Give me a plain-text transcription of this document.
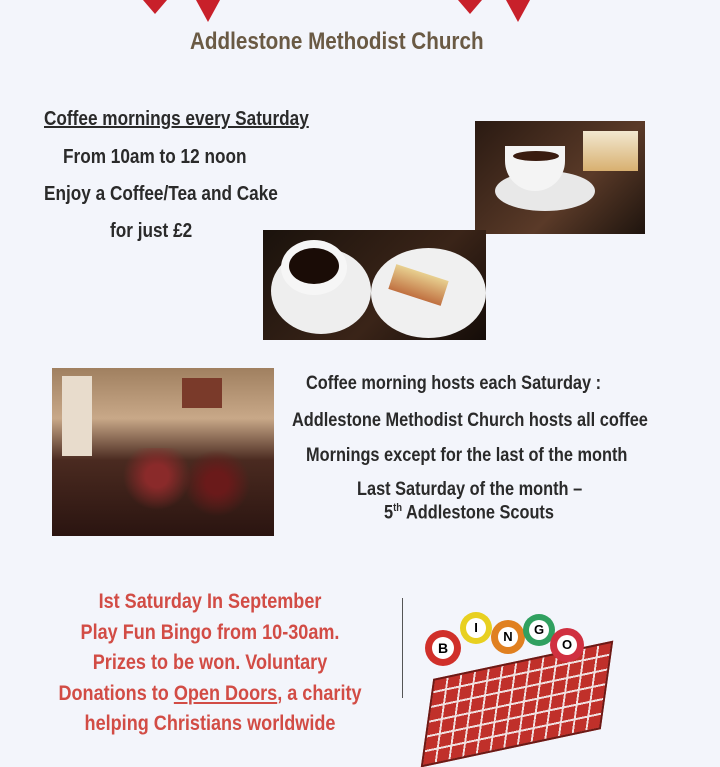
Addlestone Methodist Church
Coffee mornings every Saturday
From 10am to 12 noon
Enjoy a Coffee/Tea and Cake
for just £2
Coffee morning hosts each Saturday :
Addlestone Methodist Church hosts all coffee
Mornings except for the last of the month
Last Saturday of the month –
5th Addlestone Scouts
Ist Saturday In September
Play Fun Bingo from 10-30am.
Prizes to be won. Voluntary
Donations to Open Doors, a charity
helping Christians worldwide
B
I
N	G
O
